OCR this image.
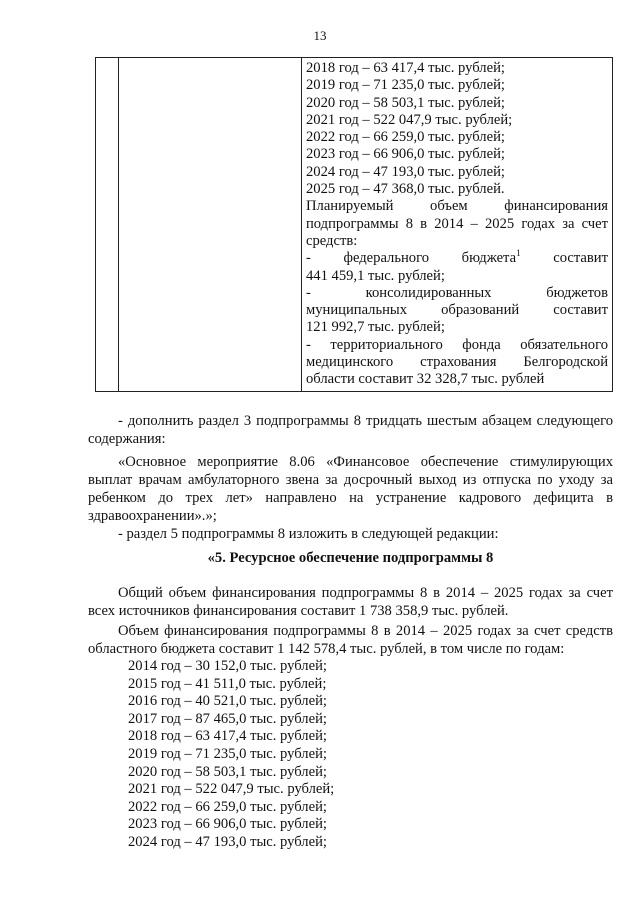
13

2018 год – 63 417,4 тыс. рублей;
2019 год – 71 235,0 тыс. рублей;
2020 год – 58 503,1 тыс. рублей;
2021 год – 522 047,9 тыс. рублей;
2022 год – 66 259,0 тыс. рублей;
2023 год – 66 906,0 тыс. рублей;
2024 год – 47 193,0 тыс. рублей;
2025 год – 47 368,0 тыс. рублей.
Планируемый объем финансирования
подпрограммы 8 в 2014 – 2025 годах за счет
средств:
- федерального бюджета$^1$ составит
441 459,1 тыс. рублей;
- консолидированных бюджетов
муниципальных образований составит
121 992,7 тыс. рублей;
- территориального фонда обязательного
медицинского страхования Белгородской
области составит 32 328,7 тыс. рублей

- дополнить раздел 3 подпрограммы 8 тридцать шестым абзацем следующего содержания:

«Основное мероприятие 8.06 «Финансовое обеспечение стимулирующих выплат врачам амбулаторного звена за досрочный выход из отпуска по уходу за ребенком до трех лет» направлено на устранение кадрового дефицита в здравоохранении».»;

- раздел 5 подпрограммы 8 изложить в следующей редакции:

«5. Ресурсное обеспечение подпрограммы 8

Общий объем финансирования подпрограммы 8 в 2014 – 2025 годах за счет всех источников финансирования составит 1 738 358,9 тыс. рублей.

Объем финансирования подпрограммы 8 в 2014 – 2025 годах за счет средств областного бюджета составит 1 142 578,4 тыс. рублей, в том числе по годам:

2014 год – 30 152,0 тыс. рублей;
2015 год – 41 511,0 тыс. рублей;
2016 год – 40 521,0 тыс. рублей;
2017 год – 87 465,0 тыс. рублей;
2018 год – 63 417,4 тыс. рублей;
2019 год – 71 235,0 тыс. рублей;
2020 год – 58 503,1 тыс. рублей;
2021 год – 522 047,9 тыс. рублей;
2022 год – 66 259,0 тыс. рублей;
2023 год – 66 906,0 тыс. рублей;
2024 год – 47 193,0 тыс. рублей;
